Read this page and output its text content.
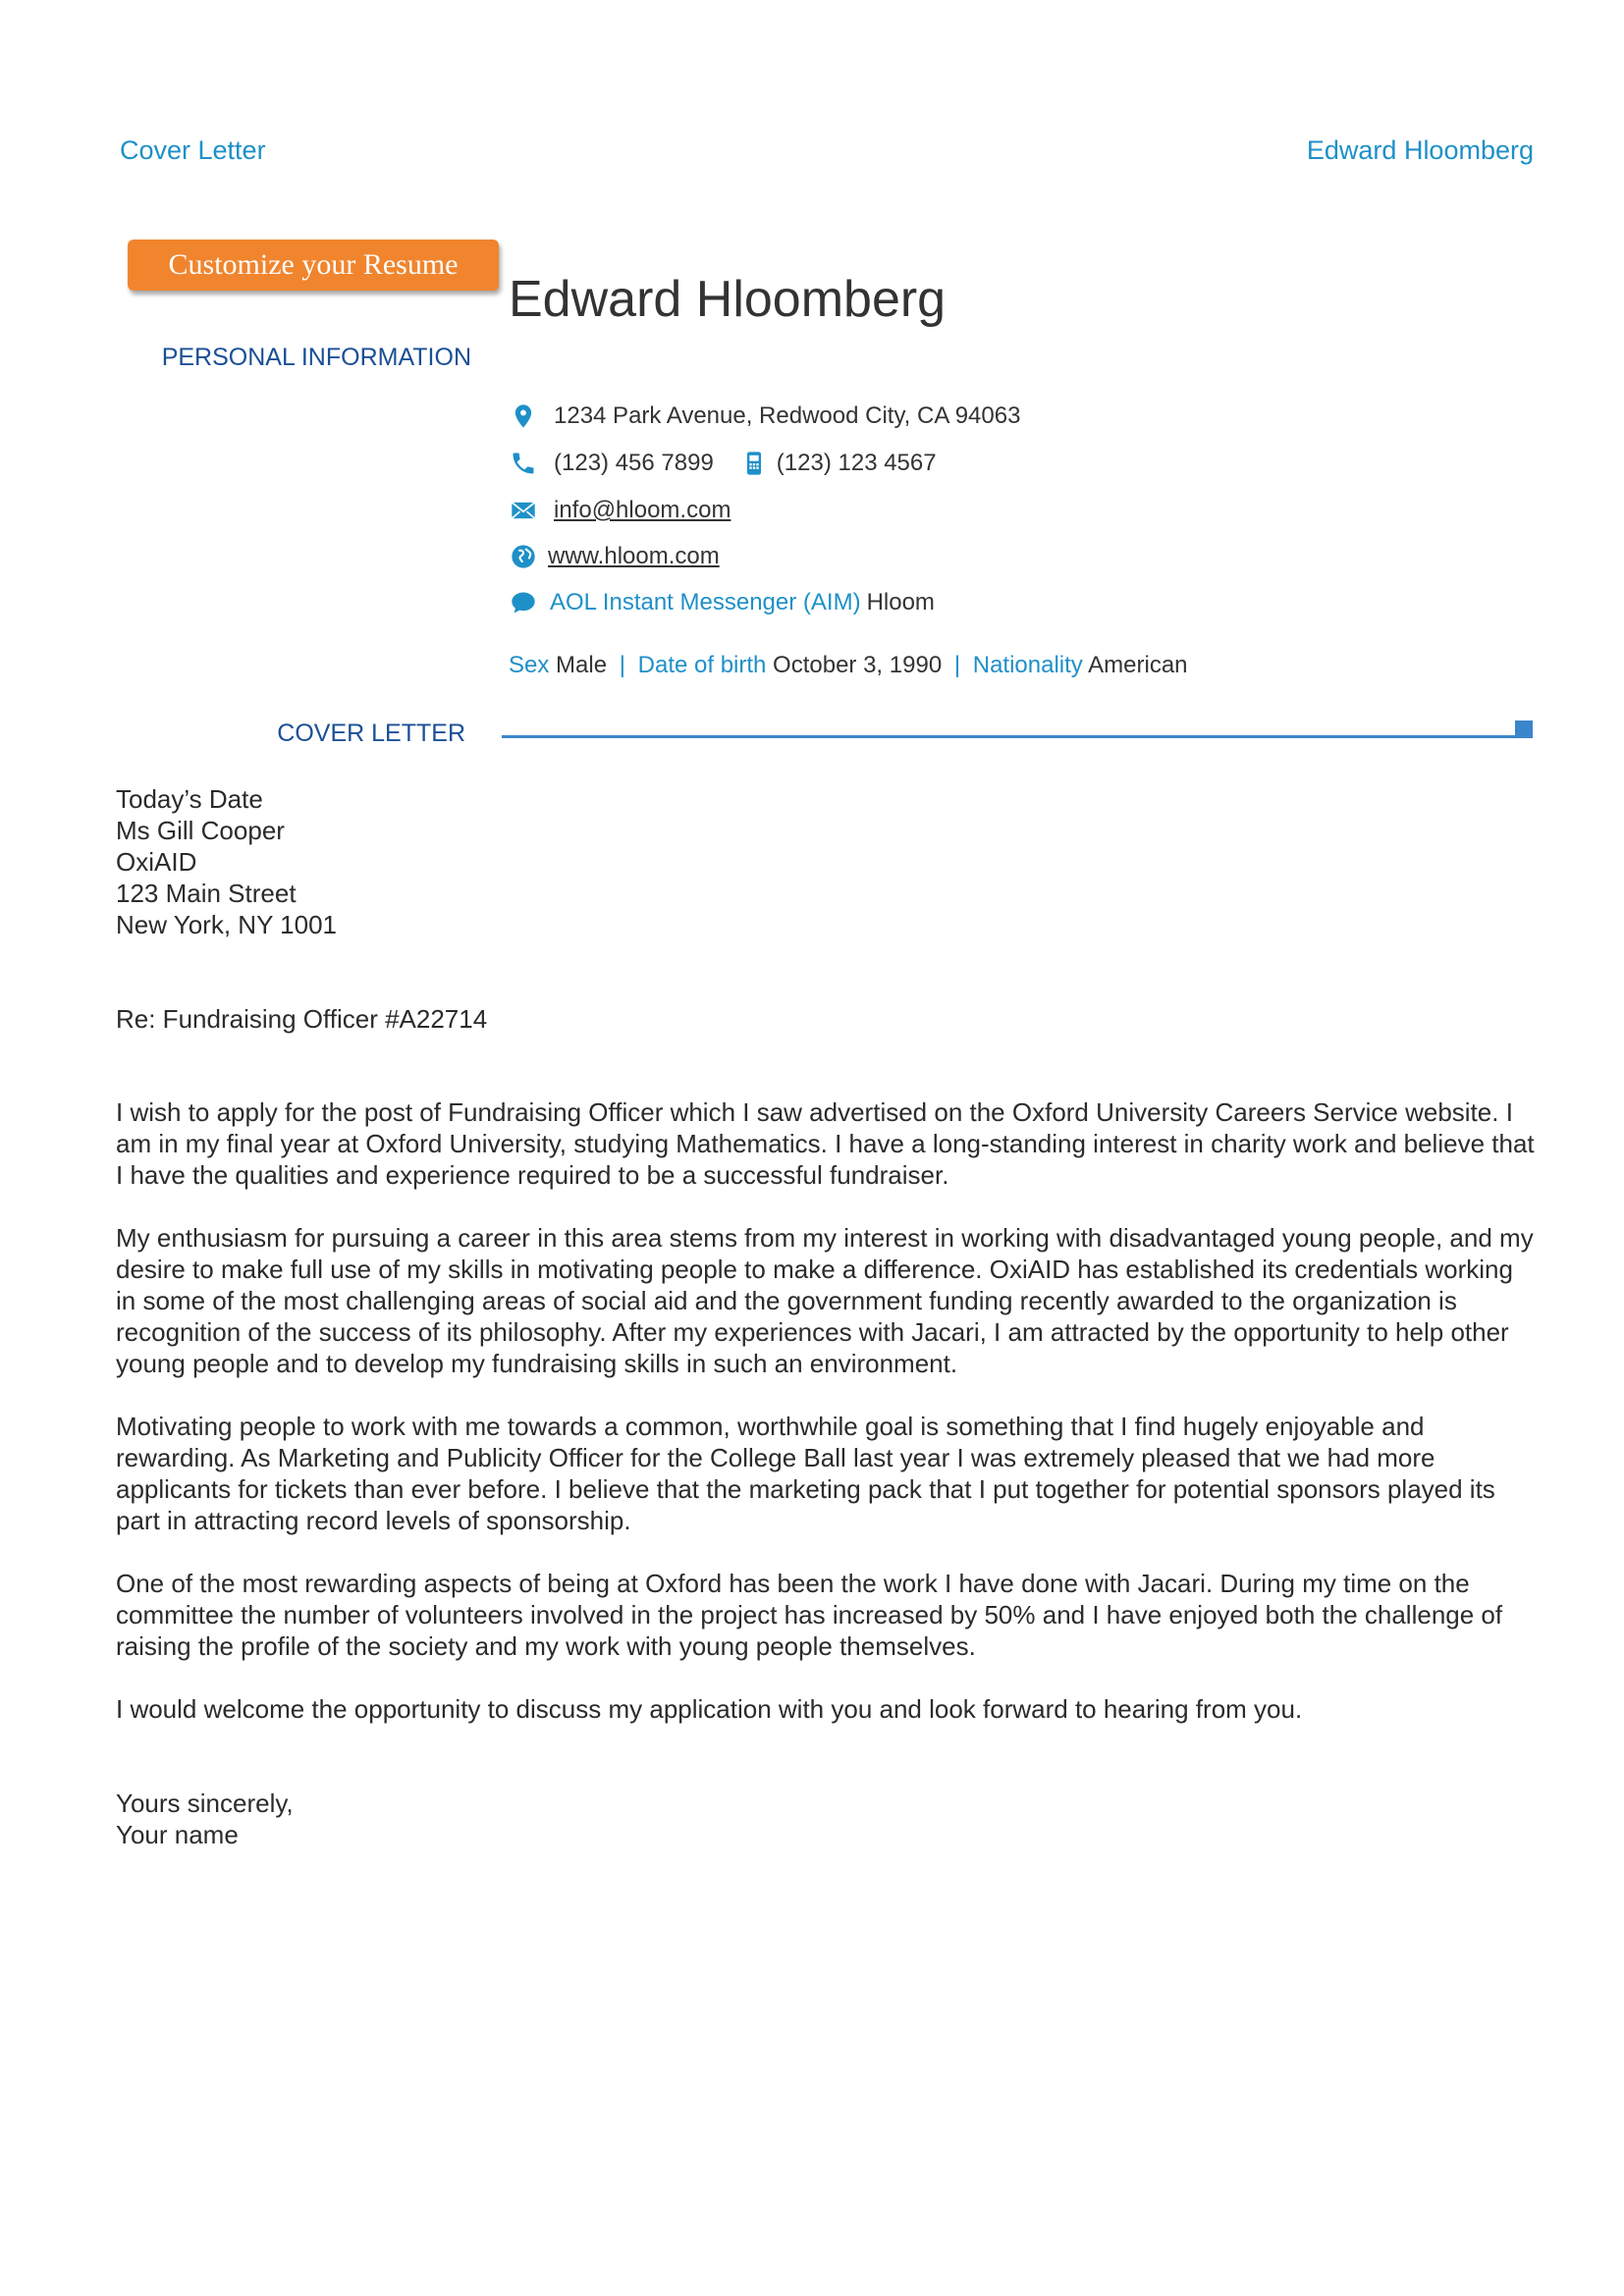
Cover Letter	Edward Hloomberg
Customize your Resume
Edward Hloomberg
PERSONAL INFORMATION
1234 Park Avenue, Redwood City, CA 94063
(123) 456 7899	(123) 123 4567
info@hloom.com
www.hloom.com
AOL Instant Messenger (AIM) Hloom
Sex Male | Date of birth October 3, 1990 | Nationality American
COVER LETTER
Today’s Date
Ms Gill Cooper
OxiAID
123 Main Street
New York, NY 1001
Re: Fundraising Officer #A22714

I wish to apply for the post of Fundraising Officer which I saw advertised on the Oxford University Careers Service website. I am in my final year at Oxford University, studying Mathematics. I have a long-standing interest in charity work and believe that I have the qualities and experience required to be a successful fundraiser.

My enthusiasm for pursuing a career in this area stems from my interest in working with disadvantaged young people, and my desire to make full use of my skills in motivating people to make a difference. OxiAID has established its credentials working in some of the most challenging areas of social aid and the government funding recently awarded to the organization is recognition of the success of its philosophy. After my experiences with Jacari, I am attracted by the opportunity to help other young people and to develop my fundraising skills in such an environment.

Motivating people to work with me towards a common, worthwhile goal is something that I find hugely enjoyable and rewarding. As Marketing and Publicity Officer for the College Ball last year I was extremely pleased that we had more applicants for tickets than ever before. I believe that the marketing pack that I put together for potential sponsors played its part in attracting record levels of sponsorship.

One of the most rewarding aspects of being at Oxford has been the work I have done with Jacari. During my time on the committee the number of volunteers involved in the project has increased by 50% and I have enjoyed both the challenge of raising the profile of the society and my work with young people themselves.

I would welcome the opportunity to discuss my application with you and look forward to hearing from you.

Yours sincerely,
Your name
